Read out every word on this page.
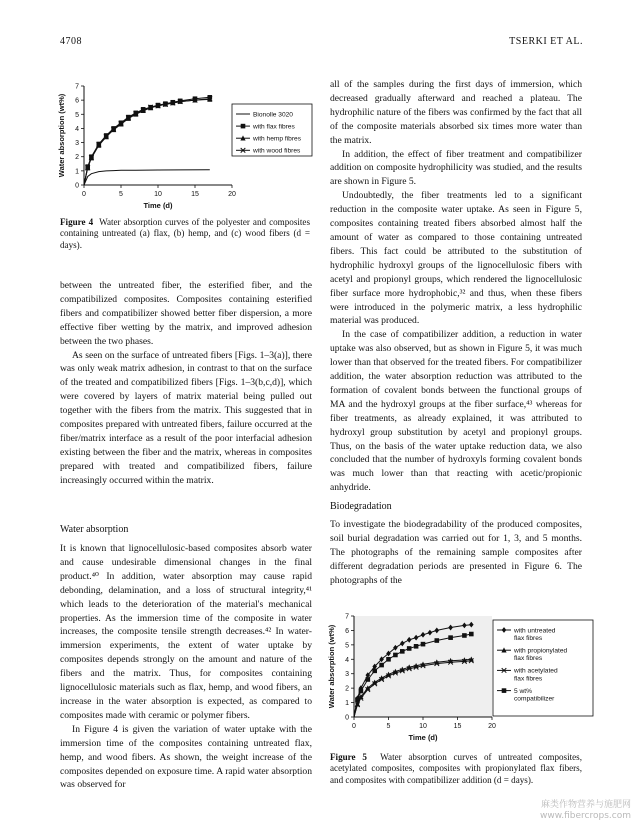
4708	TSERKI ET AL.
0
1
2
3
4
5
6
7
0	5	10	15	20
Time (d)
Water absorption (wt%)	Bionolle 3020
with flax fibres
with hemp fibres
with wood fibres
Figure 4 Water absorption curves of the polyester and composites containing untreated (a) flax, (b) hemp, and (c) wood fibers (d = days).

between the untreated fiber, the esterified fiber, and the compatibilized composites. Composites containing esterified fibers and compatibilizer showed better fiber dispersion, a more effective fiber wetting by the matrix, and improved adhesion between the two phases.

As seen on the surface of untreated fibers [Figs. 1–3(a)], there was only weak matrix adhesion, in contrast to that on the surface of the treated and compatibilized fibers [Figs. 1–3(b,c,d)], which were covered by layers of matrix material being pulled out together with the fibers from the matrix. This suggested that in composites prepared with untreated fibers, failure occurred at the fiber/matrix interface as a result of the poor interfacial adhesion existing between the fiber and the matrix, whereas in composites prepared with treated and compatibilized fibers, failure increasingly occurred within the matrix.

Water absorption

It is known that lignocellulosic-based composites absorb water and cause undesirable dimensional changes in the final product.⁴⁰ In addition, water absorption may cause rapid debonding, delamination, and a loss of structural integrity,⁴¹ which leads to the deterioration of the material's mechanical properties. As the immersion time of the composite in water increases, the composite tensile strength decreases.⁴² In water-immersion experiments, the extent of water uptake by composites depends strongly on the amount and nature of the fibers and the matrix. Thus, for composites containing lignocellulosic materials such as flax, hemp, and wood fibers, an increase in the water absorption is expected, as compared to composites made with ceramic or polymer fibers.

In Figure 4 is given the variation of water uptake with the immersion time of the composites containing untreated flax, hemp, and wood fibers. As shown, the weight increase of the composites depended on exposure time. A rapid water absorption was observed for

all of the samples during the first days of immersion, which decreased gradually afterward and reached a plateau. The hydrophilic nature of the fibers was confirmed by the fact that all of the composite materials absorbed six times more water than the matrix.

In addition, the effect of fiber treatment and compatibilizer addition on composite hydrophilicity was studied, and the results are shown in Figure 5.

Undoubtedly, the fiber treatments led to a significant reduction in the composite water uptake. As seen in Figure 5, composites containing treated fibers absorbed almost half the amount of water as compared to those containing untreated fibers. This fact could be attributed to the substitution of hydrophilic hydroxyl groups of the lignocellulosic fibers with acetyl and propionyl groups, which rendered the lignocellulosic fiber surface more hydrophobic,³² and thus, when these fibers were introduced in the polymeric matrix, a less hydrophilic material was produced.

In the case of compatibilizer addition, a reduction in water uptake was also observed, but as shown in Figure 5, it was much lower than that observed for the treated fibers. For compatibilizer addition, the water absorption reduction was attributed to the formation of covalent bonds between the functional groups of MA and the hydroxyl groups at the fiber surface,⁴³ whereas for fiber treatments, as already explained, it was attributed to hydroxyl group substitution by acetyl and propionyl groups. Thus, on the basis of the water uptake reduction data, we also concluded that the number of hydroxyls forming covalent bonds was much lower than that reacting with acetic/propionic anhydride.

Biodegradation

To investigate the biodegradability of the produced composites, soil burial degradation was carried out for 1, 3, and 5 months. The photographs of the remaining sample composites after different degradation periods are presented in Figure 6. The photographs of the

0
1
2
3
4
5
6
7
0	5	10	15	20
Time (d)
Water absorption (wt%)	with untreated flax fibres
with propionylated flax fibres
with acetylated flax fibres
5 wt% compatibilizer
Figure 5 Water absorption curves of untreated composites, acetylated composites, composites with propionylated flax fibers, and composites with compatibilizer addition (d = days).
麻类作物营养与施肥网
www.fibercrops.com
